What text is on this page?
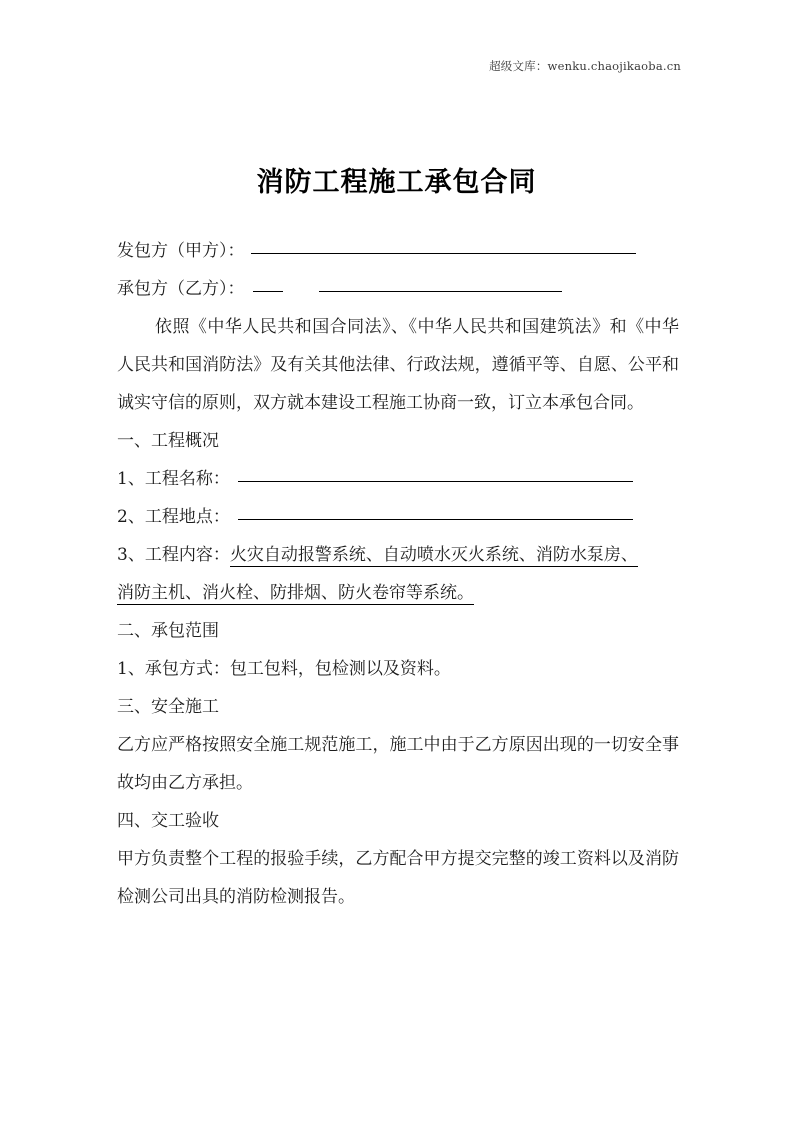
超级文库：wenku.chaojikaoba.cn
消防工程施工承包合同
发包方（甲方）：
承包方（乙方）：
依照《中华人民共和国合同法》、《中华人民共和国建筑法》和《中华人民共和国消防法》及有关其他法律、行政法规，遵循平等、自愿、公平和诚实守信的原则，双方就本建设工程施工协商一致，订立本承包合同。
一、工程概况
1、工程名称：
2、工程地点：
3、工程内容：火灾自动报警系统、自动喷水灭火系统、消防水泵房、
消防主机、消火栓、防排烟、防火卷帘等系统。
二、承包范围
1、承包方式：包工包料，包检测以及资料。
三、安全施工
乙方应严格按照安全施工规范施工，施工中由于乙方原因出现的一切安全事故均由乙方承担。
四、交工验收
甲方负责整个工程的报验手续，乙方配合甲方提交完整的竣工资料以及消防检测公司出具的消防检测报告。
